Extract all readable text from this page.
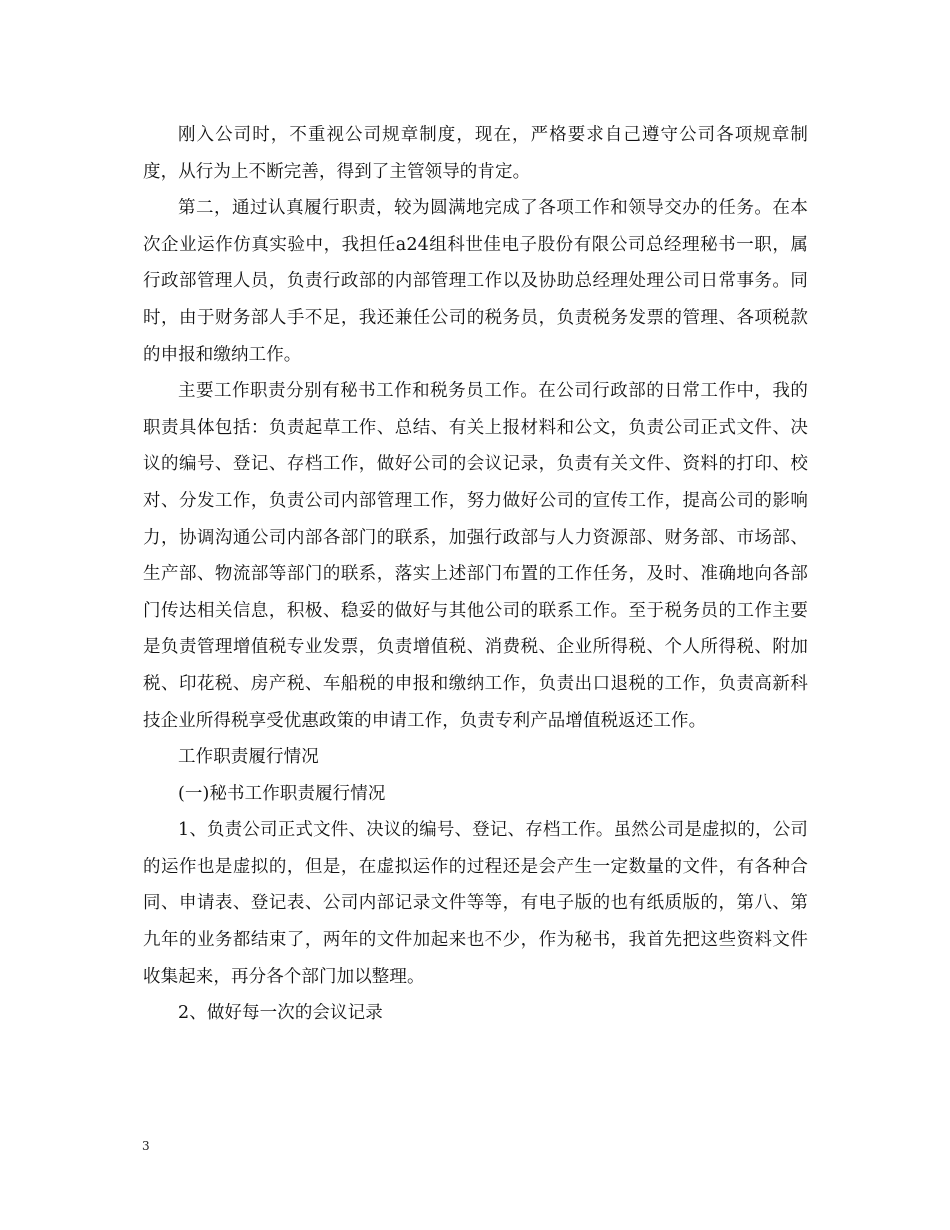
刚入公司时，不重视公司规章制度，现在，严格要求自己遵守公司各项规章制度，从行为上不断完善，得到了主管领导的肯定。

第二，通过认真履行职责，较为圆满地完成了各项工作和领导交办的任务。在本次企业运作仿真实验中，我担任a24组科世佳电子股份有限公司总经理秘书一职，属行政部管理人员，负责行政部的内部管理工作以及协助总经理处理公司日常事务。同时，由于财务部人手不足，我还兼任公司的税务员，负责税务发票的管理、各项税款的申报和缴纳工作。

主要工作职责分别有秘书工作和税务员工作。在公司行政部的日常工作中，我的职责具体包括：负责起草工作、总结、有关上报材料和公文，负责公司正式文件、决议的编号、登记、存档工作，做好公司的会议记录，负责有关文件、资料的打印、校对、分发工作，负责公司内部管理工作，努力做好公司的宣传工作，提高公司的影响力，协调沟通公司内部各部门的联系，加强行政部与人力资源部、财务部、市场部、生产部、物流部等部门的联系，落实上述部门布置的工作任务，及时、准确地向各部门传达相关信息，积极、稳妥的做好与其他公司的联系工作。至于税务员的工作主要是负责管理增值税专业发票，负责增值税、消费税、企业所得税、个人所得税、附加税、印花税、房产税、车船税的申报和缴纳工作，负责出口退税的工作，负责高新科技企业所得税享受优惠政策的申请工作，负责专利产品增值税返还工作。

工作职责履行情况

(一)秘书工作职责履行情况

1、负责公司正式文件、决议的编号、登记、存档工作。虽然公司是虚拟的，公司的运作也是虚拟的，但是，在虚拟运作的过程还是会产生一定数量的文件，有各种合同、申请表、登记表、公司内部记录文件等等，有电子版的也有纸质版的，第八、第九年的业务都结束了，两年的文件加起来也不少，作为秘书，我首先把这些资料文件收集起来，再分各个部门加以整理。

2、做好每一次的会议记录

3
